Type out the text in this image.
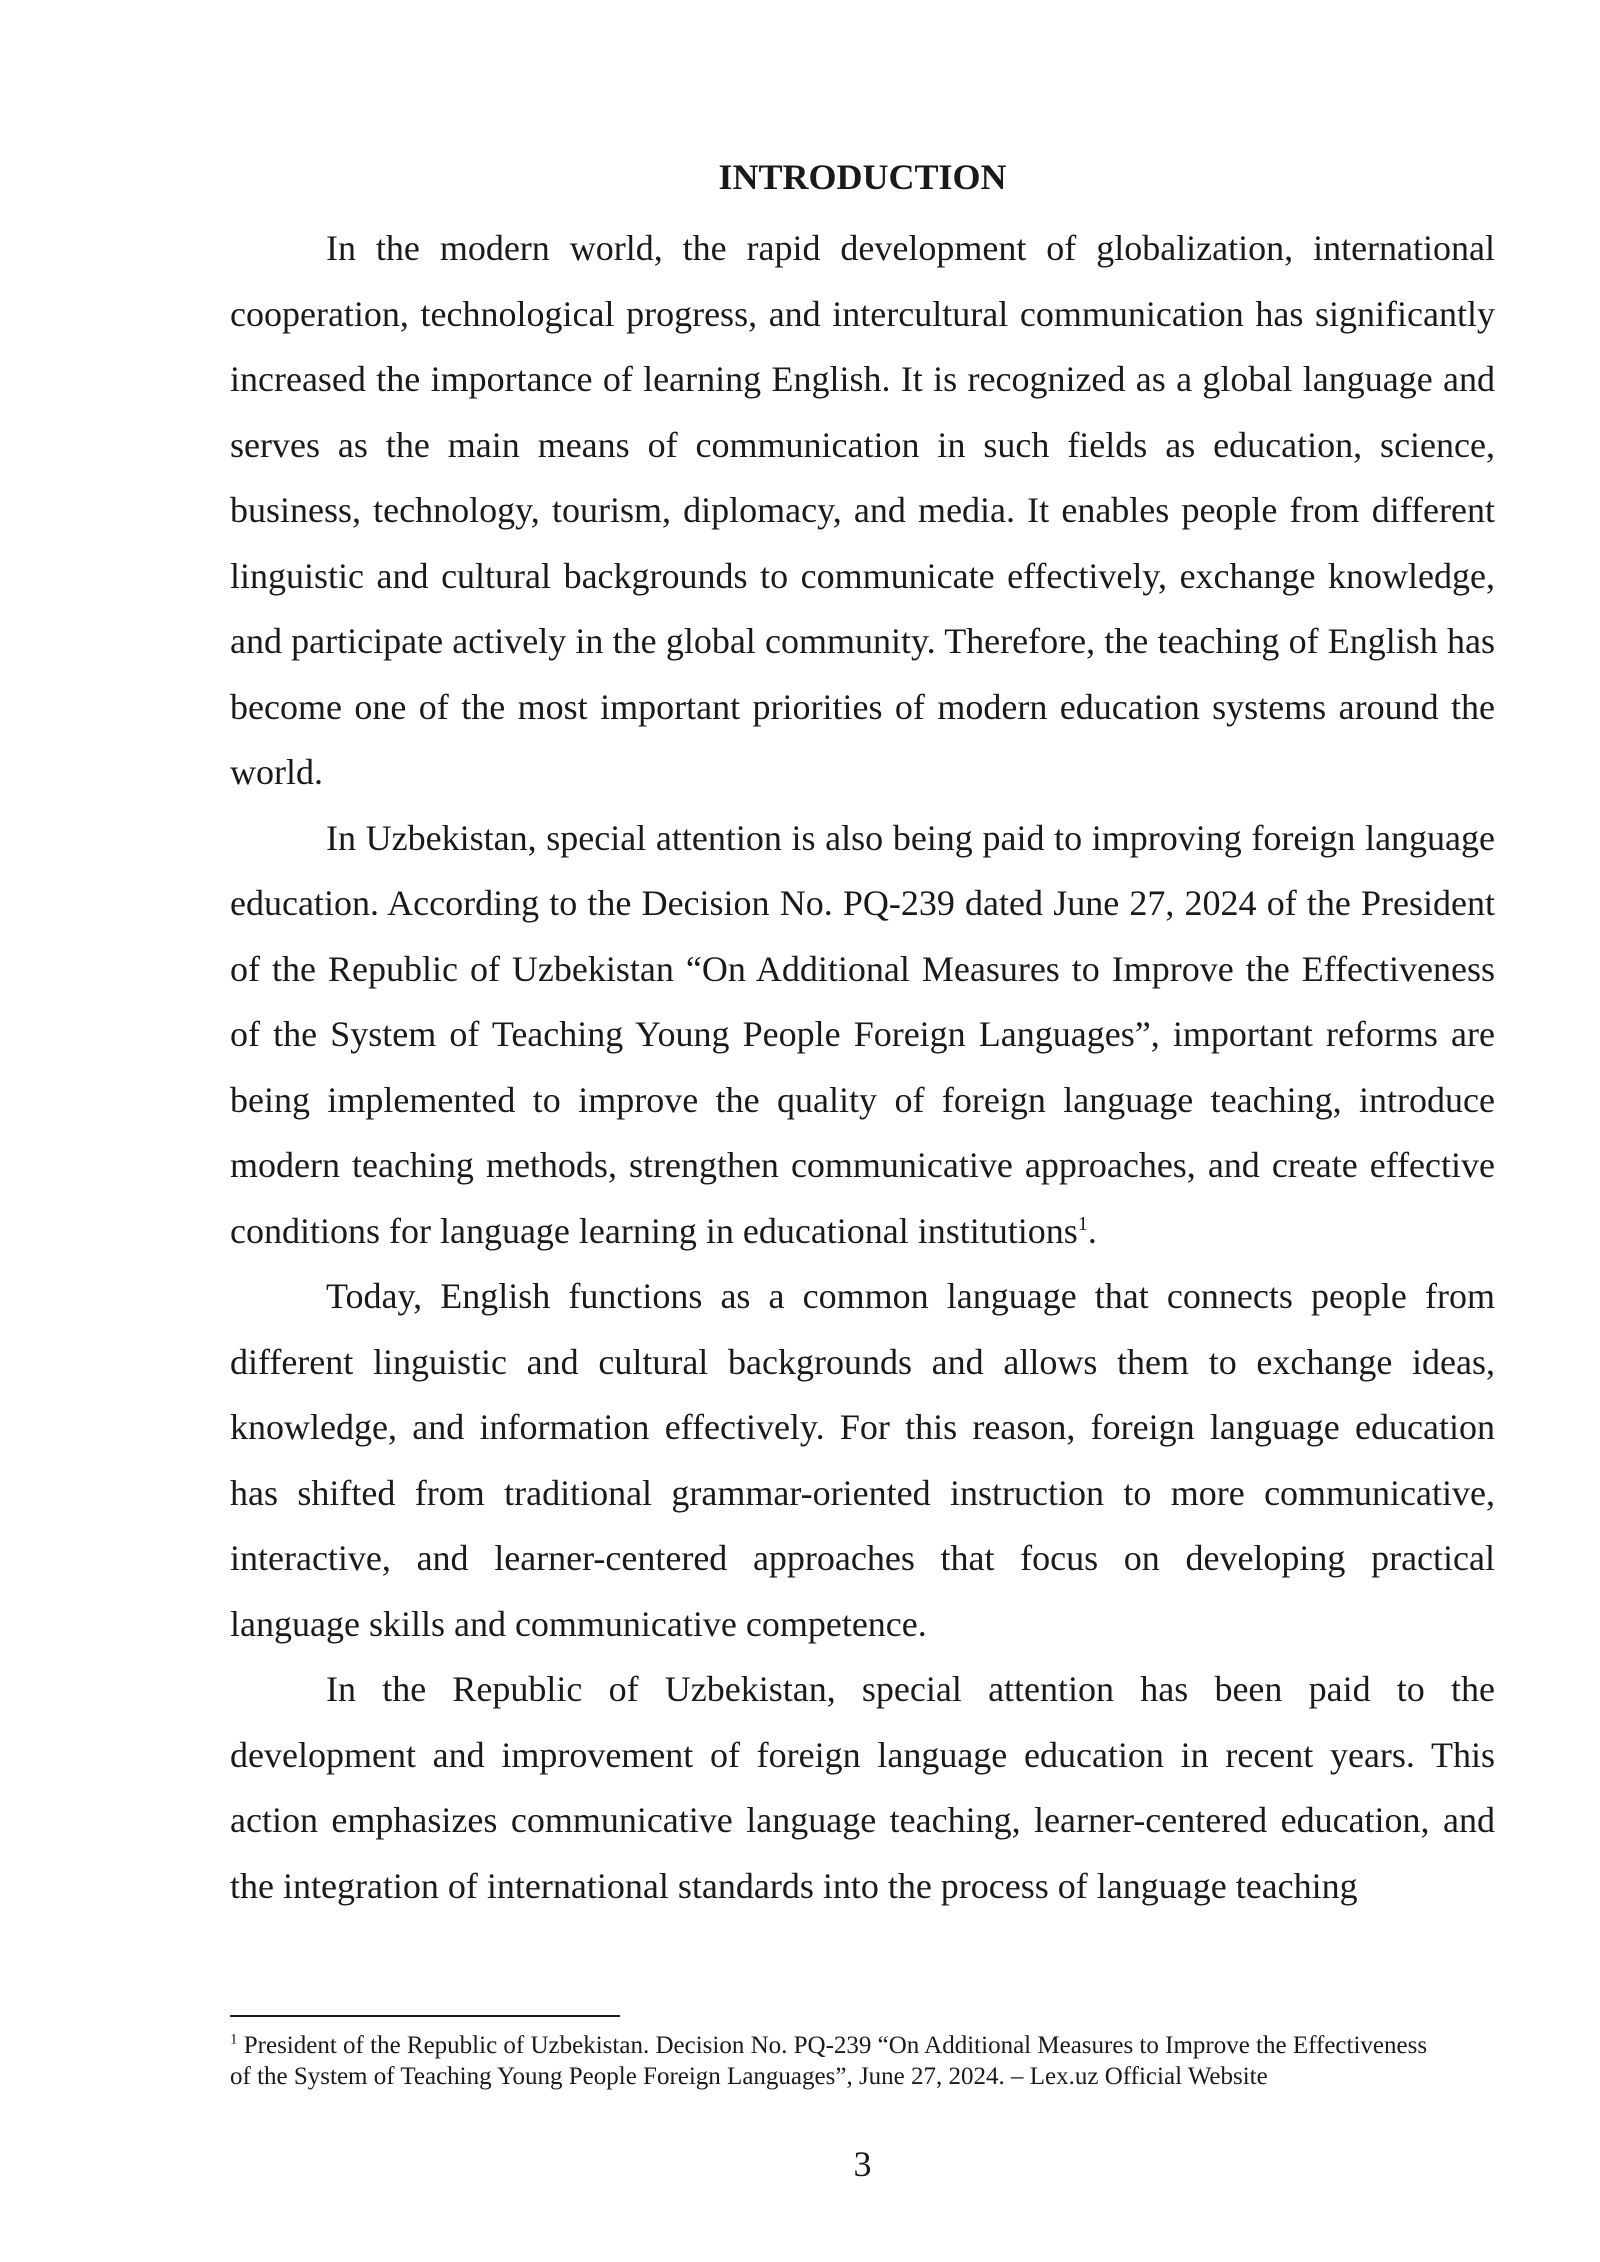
INTRODUCTION

In the modern world, the rapid development of globalization, international cooperation, technological progress, and intercultural communication has significantly increased the importance of learning English. It is recognized as a global language and serves as the main means of communication in such fields as education, science, business, technology, tourism, diplomacy, and media. It enables people from different linguistic and cultural backgrounds to communicate effectively, exchange knowledge, and participate actively in the global community. Therefore, the teaching of English has become one of the most important priorities of modern education systems around the world.

In Uzbekistan, special attention is also being paid to improving foreign language education. According to the Decision No. PQ-239 dated June 27, 2024 of the President of the Republic of Uzbekistan “On Additional Measures to Improve the Effectiveness of the System of Teaching Young People Foreign Languages”, important reforms are being implemented to improve the quality of foreign language teaching, introduce modern teaching methods, strengthen communicative approaches, and create effective conditions for language learning in educational institutions$^1$.

Today, English functions as a common language that connects people from different linguistic and cultural backgrounds and allows them to exchange ideas, knowledge, and information effectively. For this reason, foreign language education has shifted from traditional grammar-oriented instruction to more communicative, interactive, and learner-centered approaches that focus on developing practical language skills and communicative competence.

In the Republic of Uzbekistan, special attention has been paid to the development and improvement of foreign language education in recent years. This action emphasizes communicative language teaching, learner-centered education, and the integration of international standards into the process of language teaching

$^1$ President of the Republic of Uzbekistan. Decision No. PQ-239 “On Additional Measures to Improve the Effectiveness of the System of Teaching Young People Foreign Languages”, June 27, 2024. – Lex.uz Official Website
3
